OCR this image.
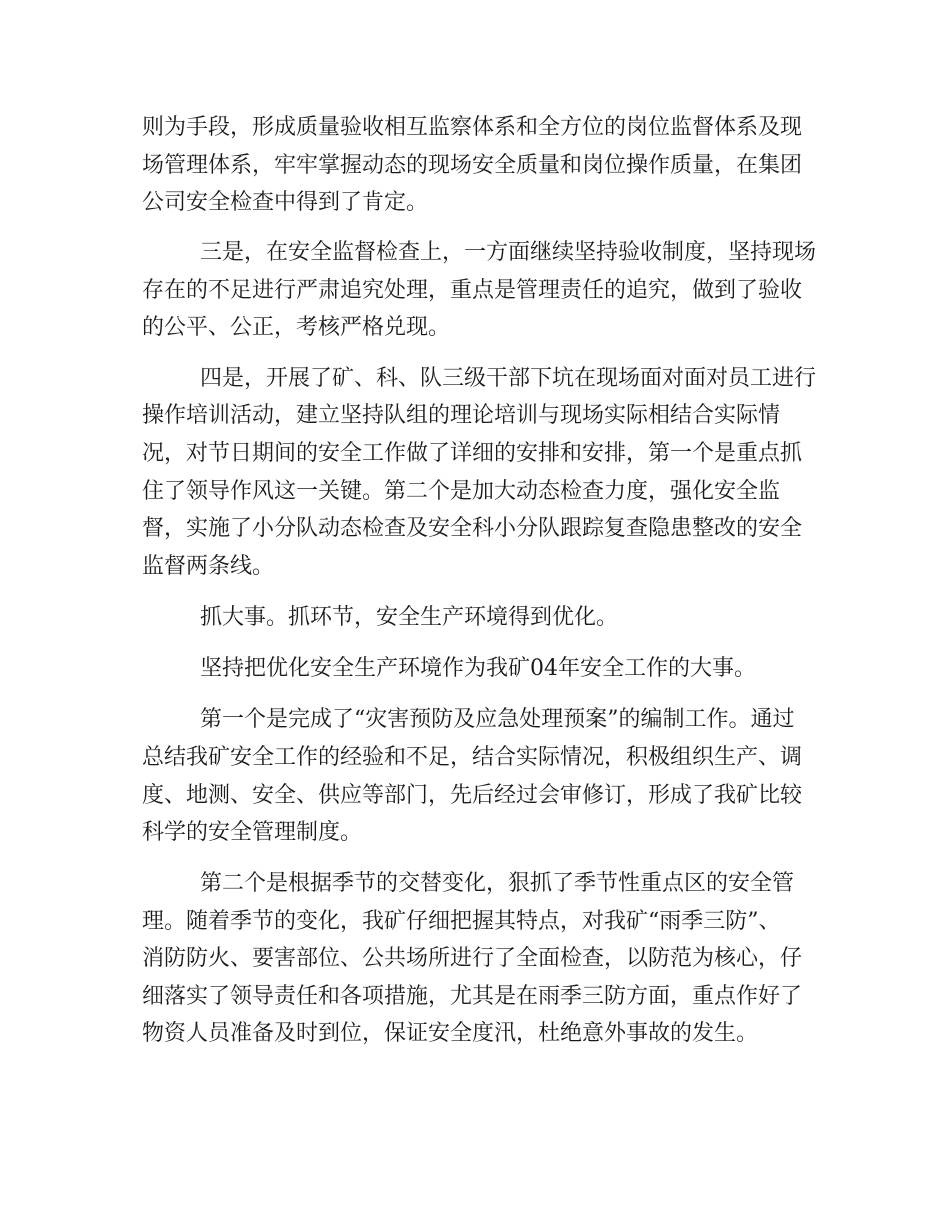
则为手段，形成质量验收相互监察体系和全方位的岗位监督体系及现
场管理体系，牢牢掌握动态的现场安全质量和岗位操作质量，在集团
公司安全检查中得到了肯定。
三是，在安全监督检查上，一方面继续坚持验收制度，坚持现场
存在的不足进行严肃追究处理，重点是管理责任的追究，做到了验收
的公平、公正，考核严格兑现。
四是，开展了矿、科、队三级干部下坑在现场面对面对员工进行
操作培训活动，建立坚持队组的理论培训与现场实际相结合实际情
况，对节日期间的安全工作做了详细的安排和安排，第一个是重点抓
住了领导作风这一关键。第二个是加大动态检查力度，强化安全监
督，实施了小分队动态检查及安全科小分队跟踪复查隐患整改的安全
监督两条线。
抓大事。抓环节，安全生产环境得到优化。
坚持把优化安全生产环境作为我矿04年安全工作的大事。
第一个是完成了“灾害预防及应急处理预案”的编制工作。通过
总结我矿安全工作的经验和不足，结合实际情况，积极组织生产、调
度、地测、安全、供应等部门，先后经过会审修订，形成了我矿比较
科学的安全管理制度。
第二个是根据季节的交替变化，狠抓了季节性重点区的安全管
理。随着季节的变化，我矿仔细把握其特点，对我矿“雨季三防”、
消防防火、要害部位、公共场所进行了全面检查，以防范为核心，仔
细落实了领导责任和各项措施，尤其是在雨季三防方面，重点作好了
物资人员准备及时到位，保证安全度汛，杜绝意外事故的发生。
